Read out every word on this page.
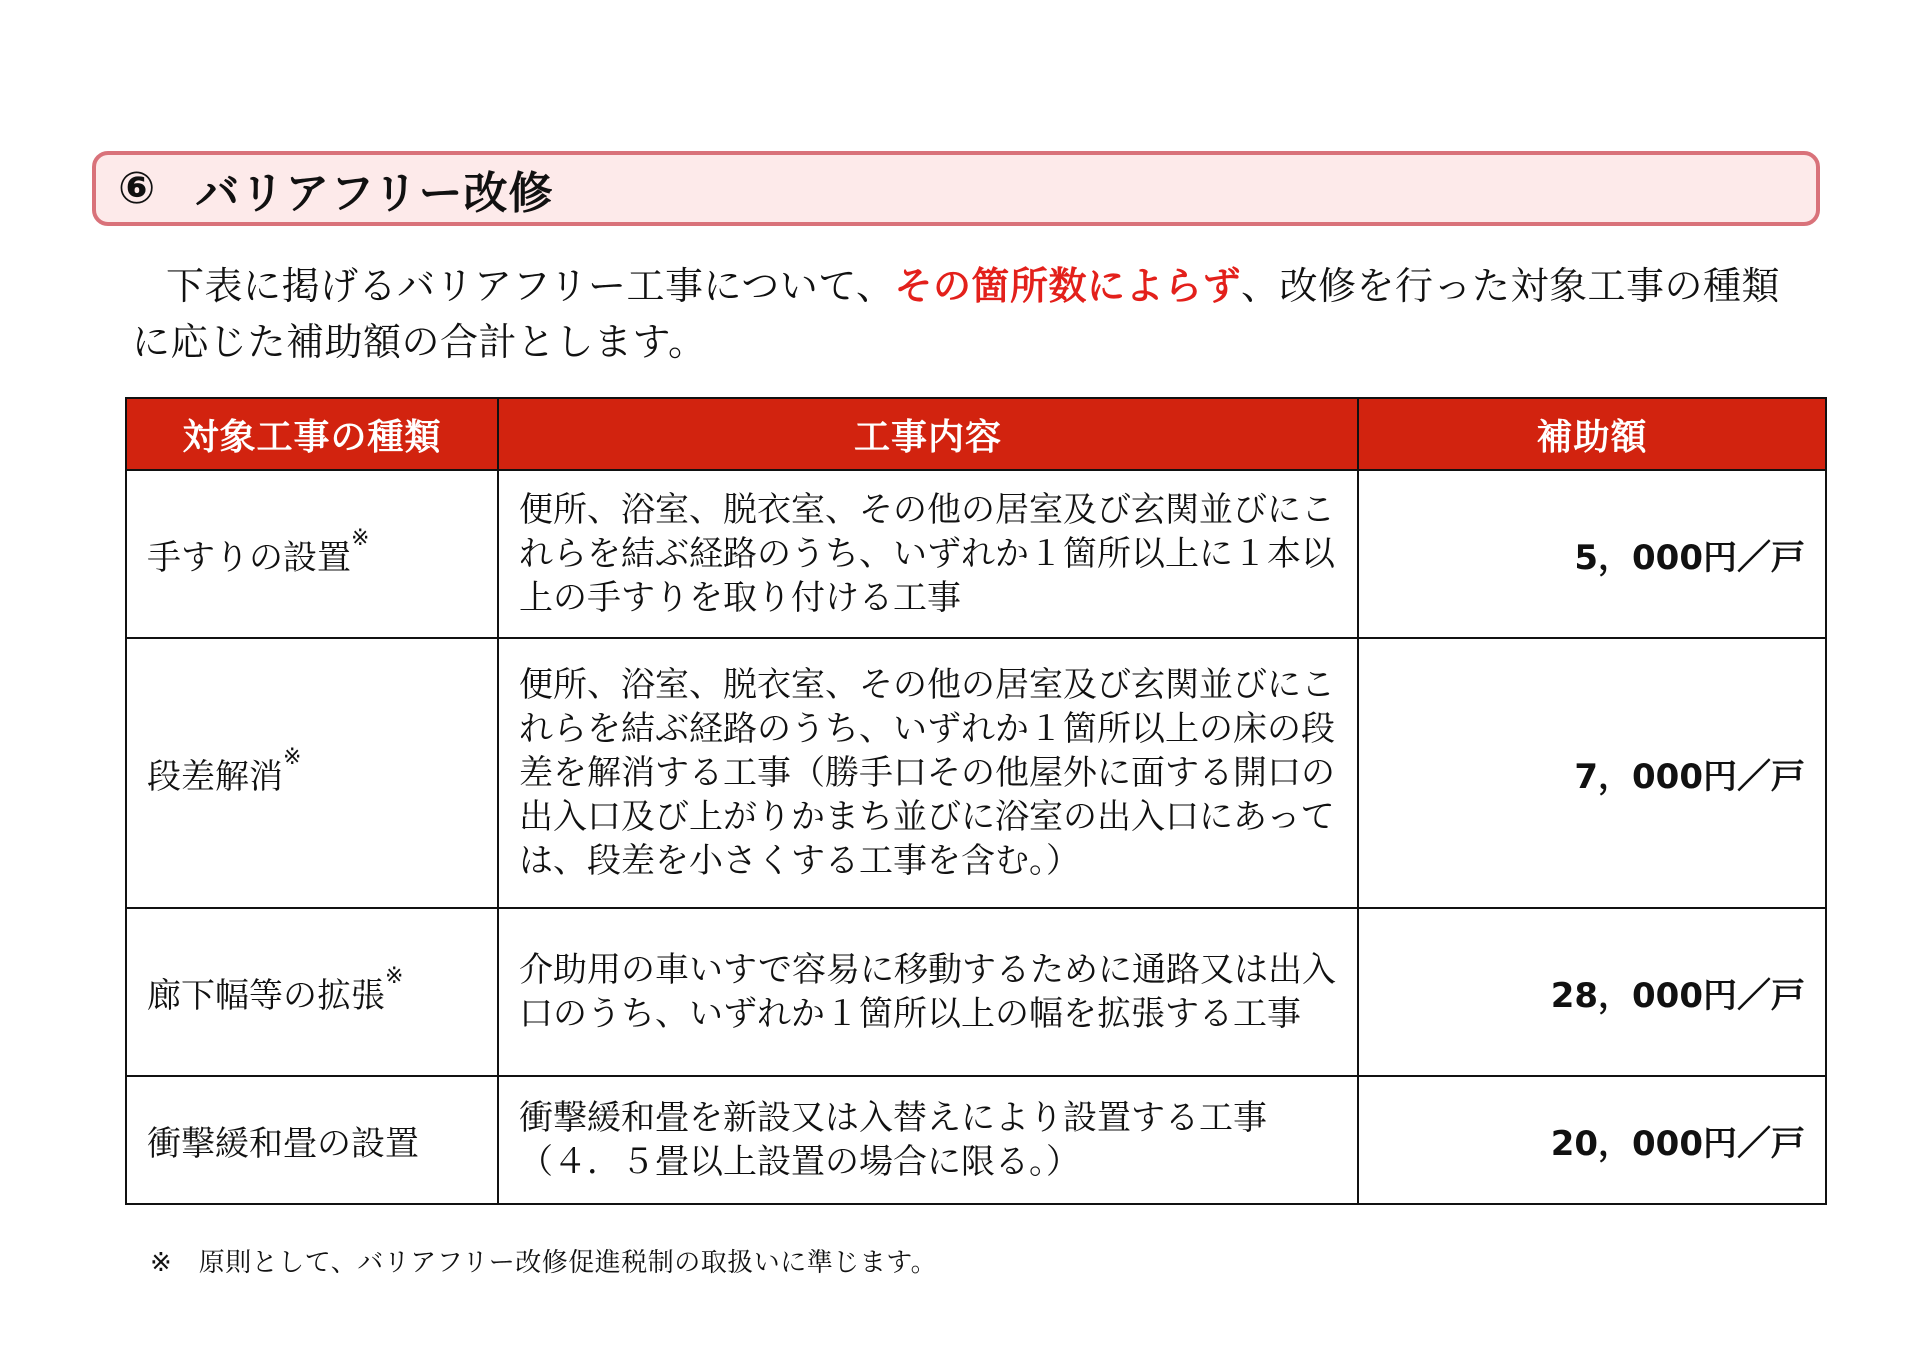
⑥ バリアフリー改修

下表に掲げるバリアフリー工事について、その箇所数によらず、改修を行った対象工事の種類に応じた補助額の合計とします。

対象工事の種類	工事内容	補助額
手すりの設置※	便所、浴室、脱衣室、その他の居室及び玄関並びにこれらを結ぶ経路のうち、いずれか１箇所以上に１本以上の手すりを取り付ける工事	5，000円／戸
段差解消※	便所、浴室、脱衣室、その他の居室及び玄関並びにこれらを結ぶ経路のうち、いずれか１箇所以上の床の段差を解消する工事（勝手口その他屋外に面する開口の出入口及び上がりかまち並びに浴室の出入口にあっては、段差を小さくする工事を含む。）	7，000円／戸
廊下幅等の拡張※	介助用の車いすで容易に移動するために通路又は出入口のうち、いずれか１箇所以上の幅を拡張する工事	28，000円／戸
衝撃緩和畳の設置	衝撃緩和畳を新設又は入替えにより設置する工事（４．５畳以上設置の場合に限る。）	20，000円／戸
※　原則として、バリアフリー改修促進税制の取扱いに準じます。
